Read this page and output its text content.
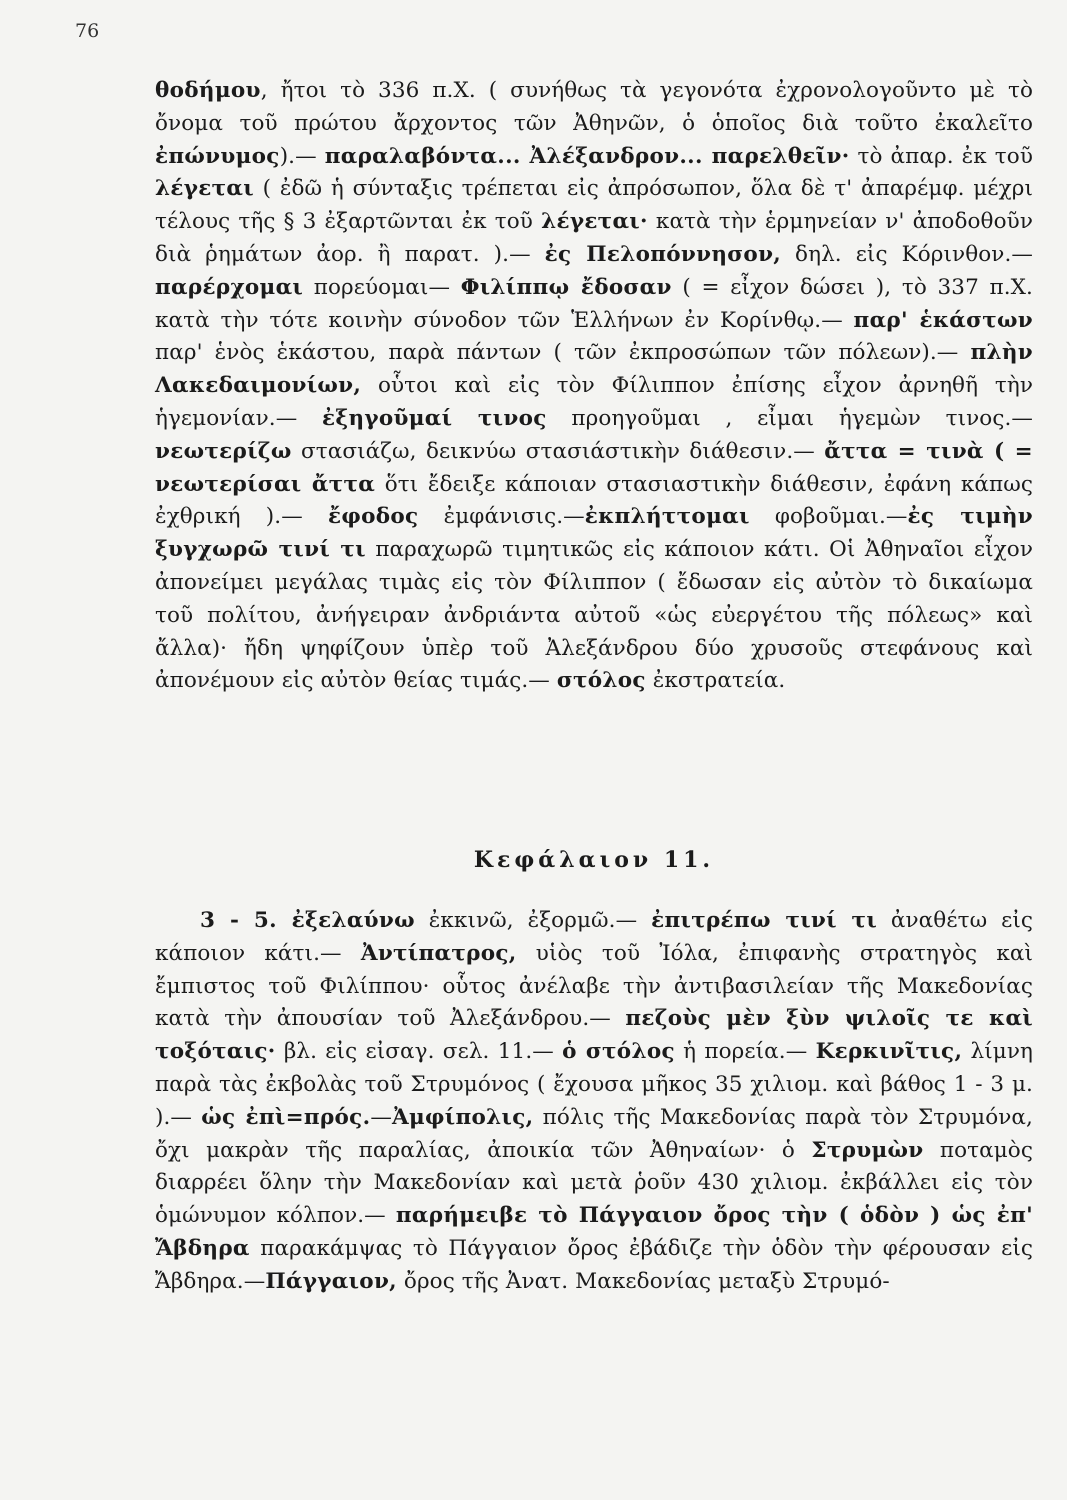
76
θοδήμου, ἤτοι τὸ 336 π.Χ. ( συνήθως τὰ γεγονότα ἐχρονολογοῦντο μὲ τὸ ὄνομα τοῦ πρώτου ἄρχοντος τῶν Ἀθηνῶν, ὁ ὁποῖος διὰ τοῦτο ἐκαλεῖτο ἐπώνυμος).— παραλαβόντα... Ἀλέξανδρον... παρελθεῖν· τὸ ἀπαρ. ἐκ τοῦ λέγεται ( ἐδῶ ἡ σύνταξις τρέπεται εἰς ἀπρόσωπον, ὅλα δὲ τ' ἀπαρέμφ. μέχρι τέλους τῆς § 3 ἐξαρτῶνται ἐκ τοῦ λέγεται· κατὰ τὴν ἑρμηνείαν ν' ἀποδοθοῦν διὰ ῥημάτων ἀορ. ἢ παρατ. ).— ἐς Πελοπόννησον, δηλ. εἰς Κόρινθον.— παρέρχομαι πορεύομαι— Φιλίππῳ ἔδοσαν ( = εἶχον δώσει ), τὸ 337 π.Χ. κατὰ τὴν τότε κοινὴν σύνοδον τῶν Ἑλλήνων ἐν Κορίνθῳ.— παρ' ἑκάστων παρ' ἑνὸς ἑκάστου, παρὰ πάντων ( τῶν ἐκπροσώπων τῶν πόλεων).— πλὴν Λακεδαιμονίων, οὗτοι καὶ εἰς τὸν Φίλιππον ἐπίσης εἶχον ἀρνηθῆ τὴν ἡγεμονίαν.— ἐξηγοῦμαί τινος προηγοῦμαι , εἶμαι ἡγεμὼν τινος.— νεωτερίζω στασιάζω, δεικνύω στασιάστικὴν διάθεσιν.— ἄττα = τινὰ ( = νεωτερίσαι ἄττα ὅτι ἔδειξε κάποιαν στασιαστικὴν διάθεσιν, ἐφάνη κάπως ἐχθρική ).— ἔφοδος ἐμφάνισις.—ἐκπλήττομαι φοβοῦμαι.—ἐς τιμὴν ξυγχωρῶ τινί τι παραχωρῶ τιμητικῶς εἰς κάποιον κάτι. Οἱ Ἀθηναῖοι εἶχον ἀπονείμει μεγάλας τιμὰς εἰς τὸν Φίλιππον ( ἔδωσαν εἰς αὐτὸν τὸ δικαίωμα τοῦ πολίτου, ἀνήγειραν ἀνδριάντα αὐτοῦ «ὡς εὐεργέτου τῆς πόλεως» καὶ ἄλλα)· ἤδη ψηφίζουν ὑπὲρ τοῦ Ἀλεξάνδρου δύο χρυσοῦς στεφάνους καὶ ἀπονέμουν εἰς αὐτὸν θείας τιμάς.— στόλος ἐκστρατεία.
Κεφάλαιον 11.
3 - 5. ἐξελαύνω ἐκκινῶ, ἐξορμῶ.— ἐπιτρέπω τινί τι ἀναθέτω εἰς κάποιον κάτι.— Ἀντίπατρος, υἱὸς τοῦ Ἰόλα, ἐπιφανὴς στρατηγὸς καὶ ἔμπιστος τοῦ Φιλίππου· οὗτος ἀνέλαβε τὴν ἀντιβασιλείαν τῆς Μακεδονίας κατὰ τὴν ἀπουσίαν τοῦ Ἀλεξάνδρου.— πεζοὺς μὲν ξὺν ψιλοῖς τε καὶ τοξόταις· βλ. εἰς εἰσαγ. σελ. 11.— ὁ στόλος ἡ πορεία.— Κερκινῖτις, λίμνη παρὰ τὰς ἐκβολὰς τοῦ Στρυμόνος ( ἔχουσα μῆκος 35 χιλιομ. καὶ βάθος 1 - 3 μ. ).— ὡς ἐπὶ=πρός.—Ἀμφίπολις, πόλις τῆς Μακεδονίας παρὰ τὸν Στρυμόνα, ὄχι μακρὰν τῆς παραλίας, ἀποικία τῶν Ἀθηναίων· ὁ Στρυμὼν ποταμὸς διαρρέει ὅλην τὴν Μακεδονίαν καὶ μετὰ ῥοῦν 430 χιλιομ. ἐκβάλλει εἰς τὸν ὁμώνυμον κόλπον.— παρήμειβε τὸ Πάγγαιον ὄρος τὴν ( ὁδὸν ) ὡς ἐπ' Ἄβδηρα παρακάμψας τὸ Πάγγαιον ὄρος ἐβάδιζε τὴν ὁδὸν τὴν φέρουσαν εἰς Ἄβδηρα.—Πάγγαιον, ὄρος τῆς Ἀνατ. Μακεδονίας μεταξὺ Στρυμό-
